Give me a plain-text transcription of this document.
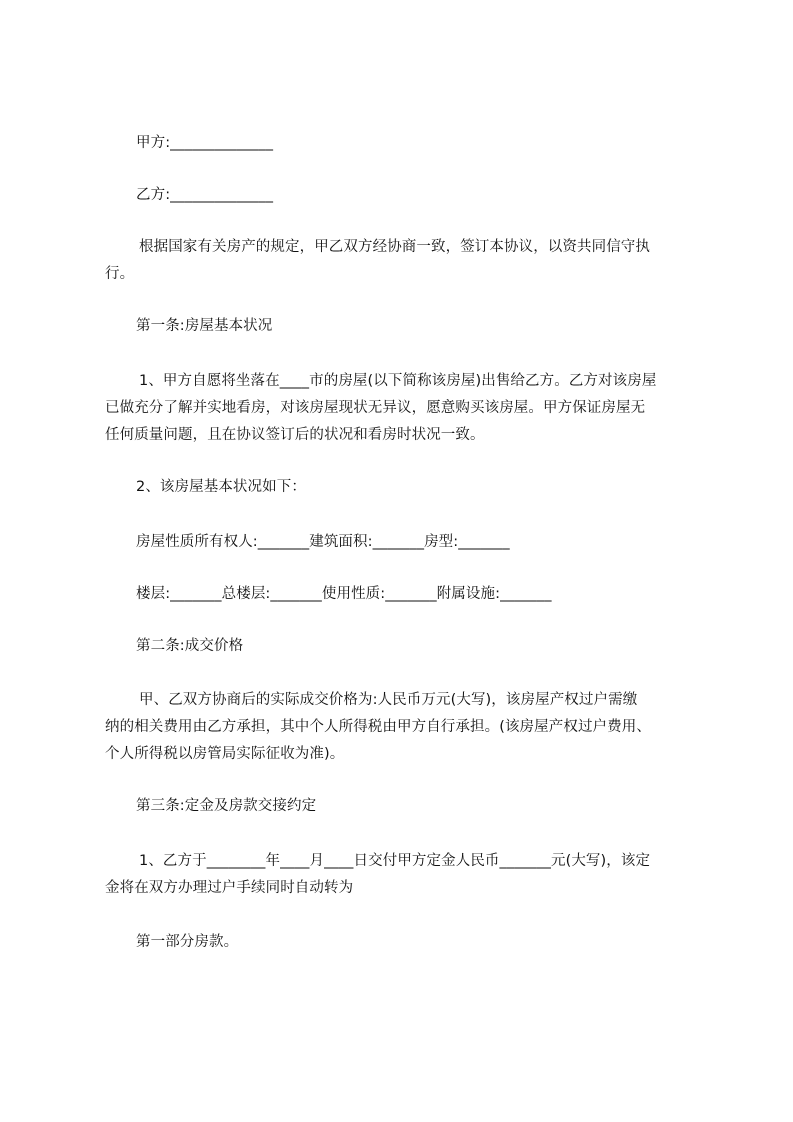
甲方:______________
乙方:______________
根据国家有关房产的规定，甲乙双方经协商一致，签订本协议，以资共同信守执
行。
第一条:房屋基本状况
1、甲方自愿将坐落在____市的房屋(以下简称该房屋)出售给乙方。乙方对该房屋
已做充分了解并实地看房，对该房屋现状无异议，愿意购买该房屋。甲方保证房屋无
任何质量问题，且在协议签订后的状况和看房时状况一致。
2、该房屋基本状况如下：
房屋性质所有权人:_______建筑面积:_______房型:_______
楼层:_______总楼层:_______使用性质:_______附属设施:_______
第二条:成交价格
甲、乙双方协商后的实际成交价格为:人民币万元(大写)，该房屋产权过户需缴
纳的相关费用由乙方承担，其中个人所得税由甲方自行承担。(该房屋产权过户费用、
个人所得税以房管局实际征收为准)。
第三条:定金及房款交接约定
1、乙方于________年____月____日交付甲方定金人民币_______元(大写)，该定
金将在双方办理过户手续同时自动转为
第一部分房款。
